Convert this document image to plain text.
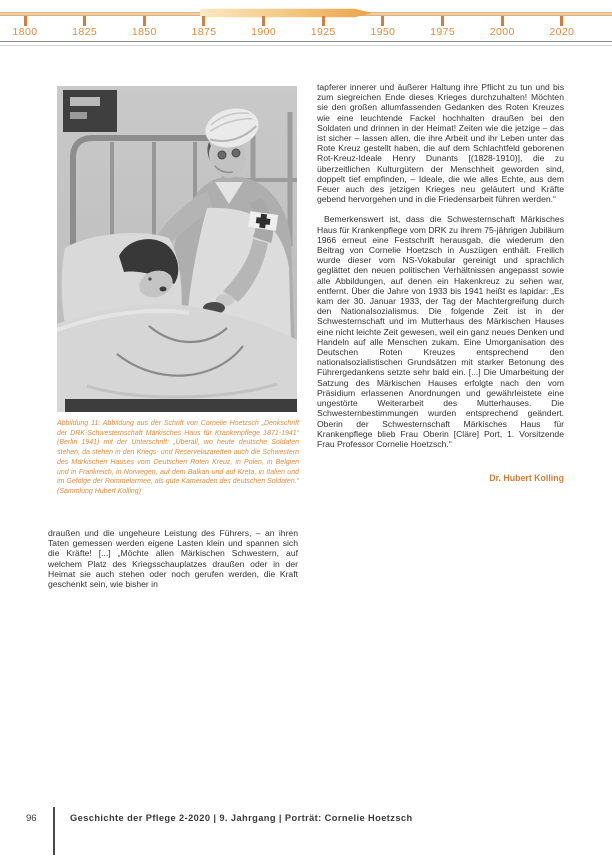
1800	1825	1850	1875	1900	1925	1950	1975	2000	2020
Abbildung 11: Abbildung aus der Schrift von Cornelie Hoetzsch „Denkschrift der DRK-Schwesternschaft Märkisches Haus für Krankenpflege 1871-1941“ (Berlin 1941) mit der Unterschrift: „Überall, wo heute deutsche Soldaten stehen, da stehen in den Kriegs- und Reservelazaretten auch die Schwestern des Märkischen Hauses vom Deutschen Roten Kreuz, in Polen, in Belgien und in Frankreich, in Norwegen, auf dem Balkan und auf Kreta, in Italien und im Gefolge der Rommelarmee, als gute Kameraden des deutschen Soldaten.“ (Sammlung Hubert Kolling)

draußen und die ungeheure Leistung des Führers, – an ihren Taten gemessen werden eigene Lasten klein und spannen sich die Kräfte! [...] „Möchte allen Märkischen Schwestern, auf welchem Platz des Kriegsschauplatzes draußen oder in der Heimat sie auch stehen oder noch gerufen werden, die Kraft geschenkt sein, wie bisher in

tapferer innerer und äußerer Haltung ihre Pflicht zu tun und bis zum siegreichen Ende dieses Krieges durchzuhalten! Möchten sie den großen allumfassenden Gedanken des Roten Kreuzes wie eine leuchtende Fackel hochhalten draußen bei den Soldaten und drinnen in der Heimat! Zeiten wie die jetzige – das ist sicher – lassen allen, die ihre Arbeit und ihr Leben unter das Rote Kreuz gestellt haben, die auf dem Schlachtfeld geborenen Rot-Kreuz-Ideale Henry Dunants [(1828-1910)], die zu überzeitlichen Kulturgütern der Menschheit geworden sind, doppelt tief empfinden, – Ideale, die wie alles Echte, aus dem Feuer auch des jetzigen Krieges neu geläutert und Kräfte gebend hervorgehen und in die Friedensarbeit führen werden.“

Bemerkenswert ist, dass die Schwesternschaft Märkisches Haus für Krankenpflege vom DRK zu ihrem 75-jährigen Jubiläum 1966 erneut eine Festschrift herausgab, die wiederum den Beitrag von Cornelie Hoetzsch in Auszügen enthält. Freilich wurde dieser vom NS-Vokabular gereinigt und sprachlich geglättet den neuen politischen Verhältnissen angepasst sowie alle Abbildungen, auf denen ein Hakenkreuz zu sehen war, entfernt. Über die Jahre von 1933 bis 1941 heißt es lapidar: „Es kam der 30. Januar 1933, der Tag der Machtergreifung durch den Nationalsozialismus. Die folgende Zeit ist in der Schwesternschaft und im Mutterhaus des Märkischen Hauses eine nicht leichte Zeit gewesen, weil ein ganz neues Denken und Handeln auf alle Menschen zukam. Eine Umorganisation des Deutschen Roten Kreuzes entsprechend den nationalsozialistischen Grundsätzen mit starker Betonung des Führergedankens setzte sehr bald ein. [...] Die Umarbeitung der Satzung des Märkischen Hauses erfolgte nach den vom Präsidium erlassenen Anordnungen und gewährleistete eine ungestörte Weiterarbeit des Mutterhauses. Die Schwesternbestimmungen wurden entsprechend geändert. Oberin der Schwesternschaft Märkisches Haus für Krankenpflege blieb Frau Oberin [Cläre] Port, 1. Vorsitzende Frau Professor Cornelie Hoetzsch.“

Dr. Hubert Kolling

96	Geschichte der Pflege 2-2020 | 9. Jahrgang | Porträt: Cornelie Hoetzsch
